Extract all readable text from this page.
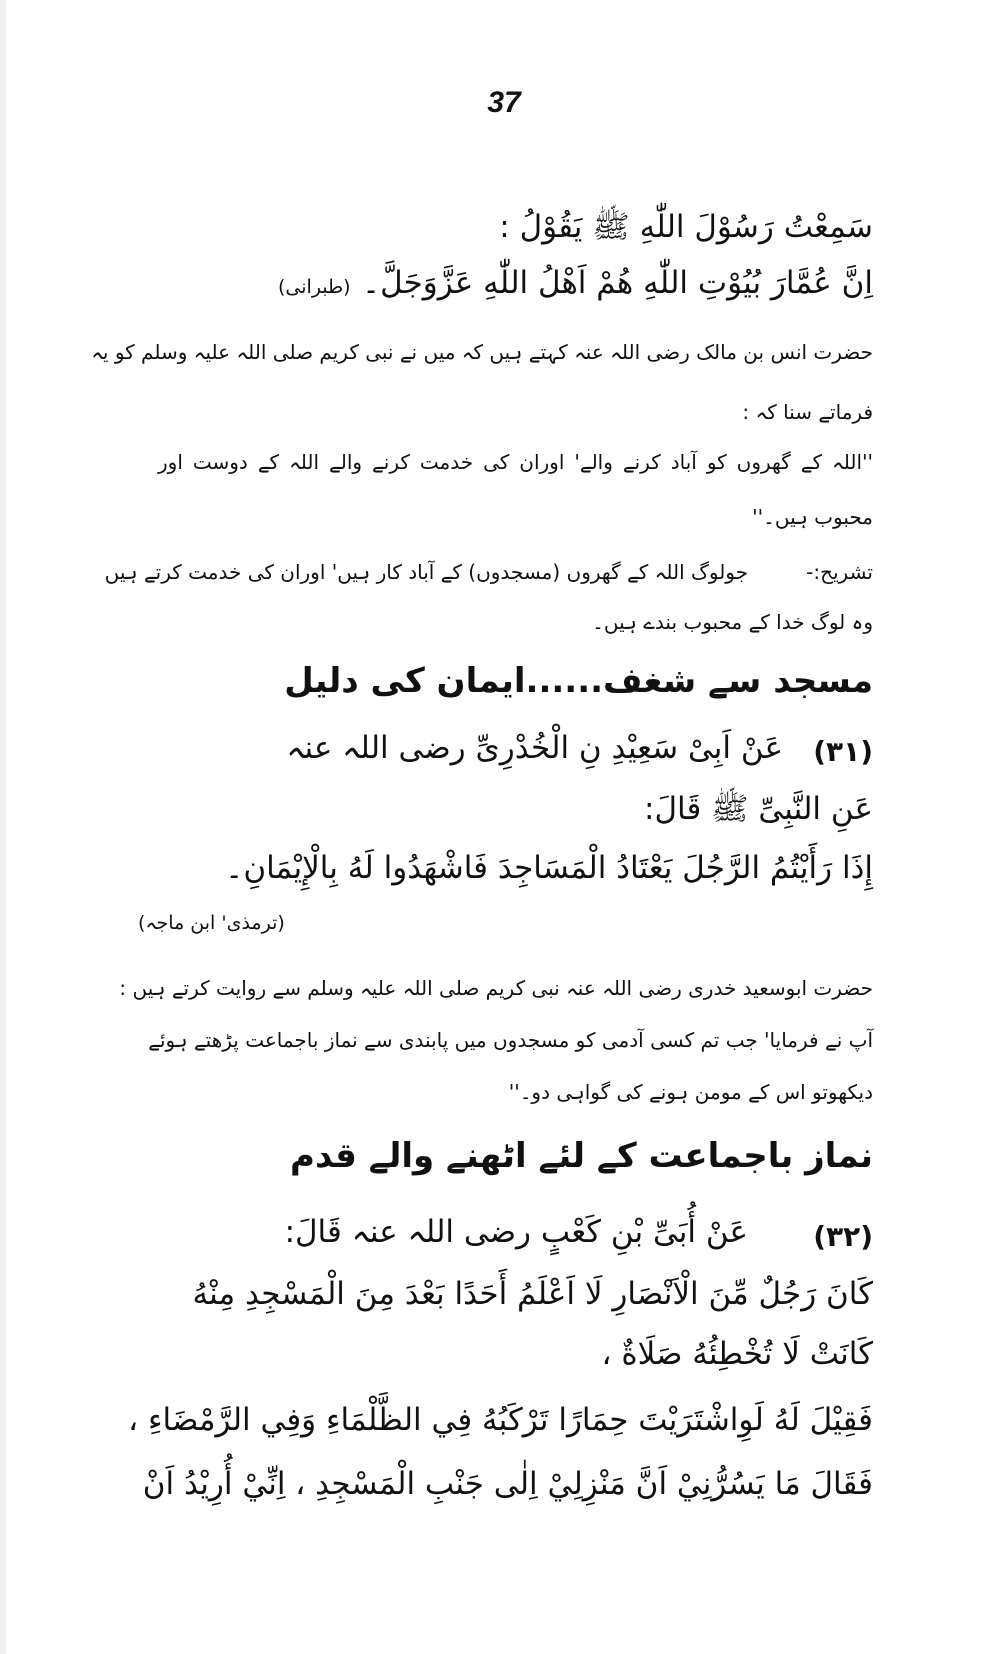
37
سَمِعْتُ رَسُوْلَ اللّٰهِ ﷺ يَقُوْلُ :
اِنَّ عُمَّارَ بُيُوْتِ اللّٰهِ هُمْ اَهْلُ اللّٰهِ عَزَّوَجَلَّ۔
(طبرانی)
حضرت انس بن مالک رضی اللہ عنہ کہتے ہیں کہ میں نے نبی کریم صلی اللہ علیہ وسلم کو یہ
فرماتے سنا کہ :
''اللہ کے گھروں کو آباد کرنے والے' اوران کی خدمت کرنے والے اللہ کے دوست اور
محبوب ہیں۔''
تشریح:-
جولوگ اللہ کے گھروں (مسجدوں) کے آباد کار ہیں' اوران کی خدمت کرتے ہیں
وہ لوگ خدا کے محبوب بندے ہیں۔
مسجد سے شغف......ایمان کی دلیل
(۳۱)
عَنْ اَبِیْ سَعِیْدِ نِ الْخُدْرِیِّ رضی اللہ عنہ
عَنِ النَّبِیِّ ﷺ قَالَ:
إِذَا رَأَيْتُمُ الرَّجُلَ يَعْتَادُ الْمَسَاجِدَ فَاشْهَدُوا لَهُ بِالْإِيْمَانِ۔
(ترمذی' ابن ماجہ)
حضرت ابوسعید خدری رضی اللہ عنہ نبی کریم صلی اللہ علیہ وسلم سے روایت کرتے ہیں :
آپ نے فرمایا' جب تم کسی آدمی کو مسجدوں میں پابندی سے نماز باجماعت پڑھتے ہوئے
دیکھوتو اس کے مومن ہونے کی گواہی دو۔''
نماز باجماعت کے لئے اٹھنے والے قدم
(۳۲)
عَنْ أُبَیِّ بْنِ كَعْبٍ رضی اللہ عنہ قَالَ:
كَانَ رَجُلٌ مِّنَ الْاَنْصَارِ لَا اَعْلَمُ أَحَدًا بَعْدَ مِنَ الْمَسْجِدِ مِنْهُ
كَانَتْ لَا تُخْطِئُهُ صَلَاةٌ ،
فَقِيْلَ لَهُ لَوِاشْتَرَيْتَ حِمَارًا تَرْكَبُهُ فِي الظَّلْمَاءِ وَفِي الرَّمْضَاءِ ،
فَقَالَ مَا يَسُرُّنِيْ اَنَّ مَنْزِلِيْ اِلٰى جَنْبِ الْمَسْجِدِ ، اِنِّيْ أُرِيْدُ اَنْ
